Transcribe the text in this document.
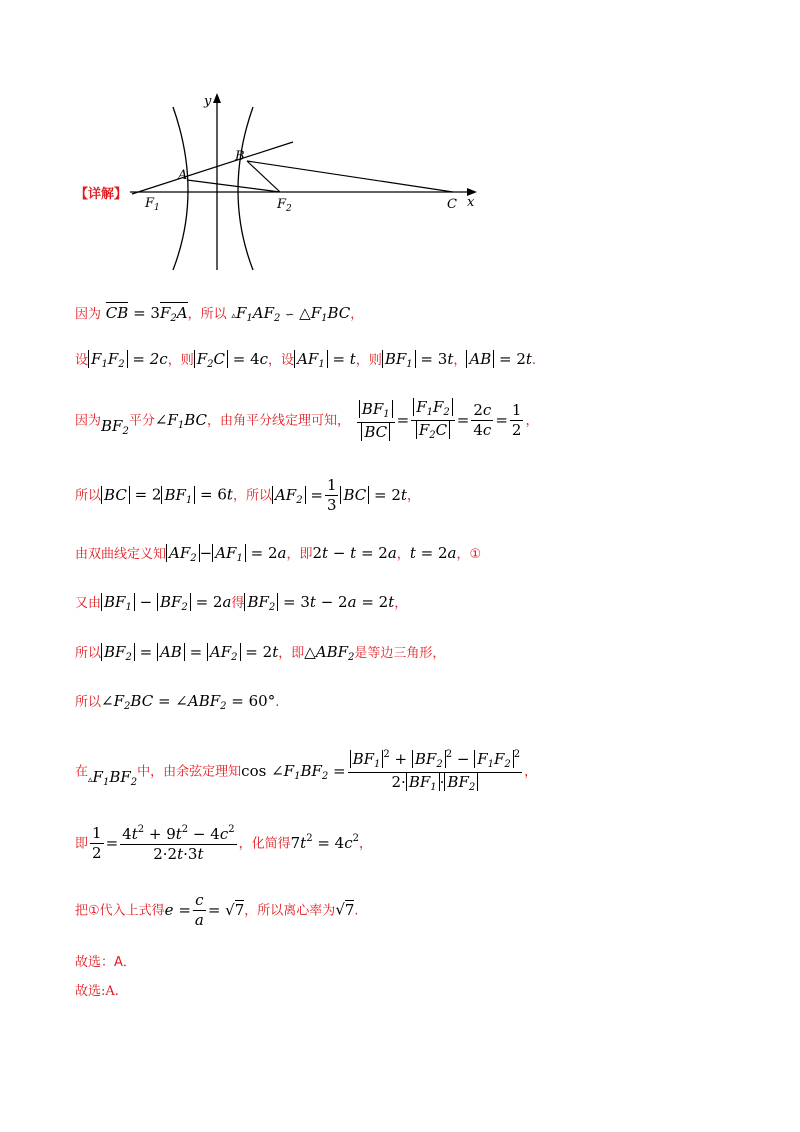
【详解】
y
x
A
B
$F_1$	$F_2$	C
因为 CB = $3F_2A$，所以 $▵F_1AF_2$ ∽ $\triangle F_1BC$，
设 $F_1F_2 = 2c$，则 $F_2C = 4c$，设 $AF_1 = t$，则 $BF_1 = 3t$， AB = 2t.
因为$BF_2$平分$\angle F_1BC$，由角平分线定理可知， $\frac{BF_1}{BC} = \frac{F_1F_2}{F_2C} = \frac{2c}{4c} = \frac{1}{2}$ ，
所以 BC = 2 $BF_1 = 6t$，所以 $AF_2 = \frac{1}{3}$ BC = 2t，
由双曲线定义知 $AF_2 - AF_1 = 2a$，即2t − t = 2a，t = 2a，①
又由 $BF_1 - BF_2 = 2a$得 $BF_2 = 3t - 2a = 2t$，
所以 $BF_2$ = AB = $AF_2 = 2t$，即$\triangle ABF_2$是等边三角形，
所以$\angle F_2BC$ = $\angle ABF_2 = 60^\circ$.
在$▵F_1BF_2$中，由余弦定理知$\cos \angle F_1BF_2 = \frac{BF_1^2 + BF_2^2 - F_1F_2^2}{2\cdot BF_1 \cdot BF_2}$ ，
即 $\frac{1}{2} = \frac{4t^2 + 9t^2 - 4c^2}{2\cdot 2t\cdot 3t}$ ，化简得$7t^2 = 4c^2$，
把①代入上式得$e = \frac{c}{a} = √7$，所以离心率为√7.
故选：A．
故选:A.
